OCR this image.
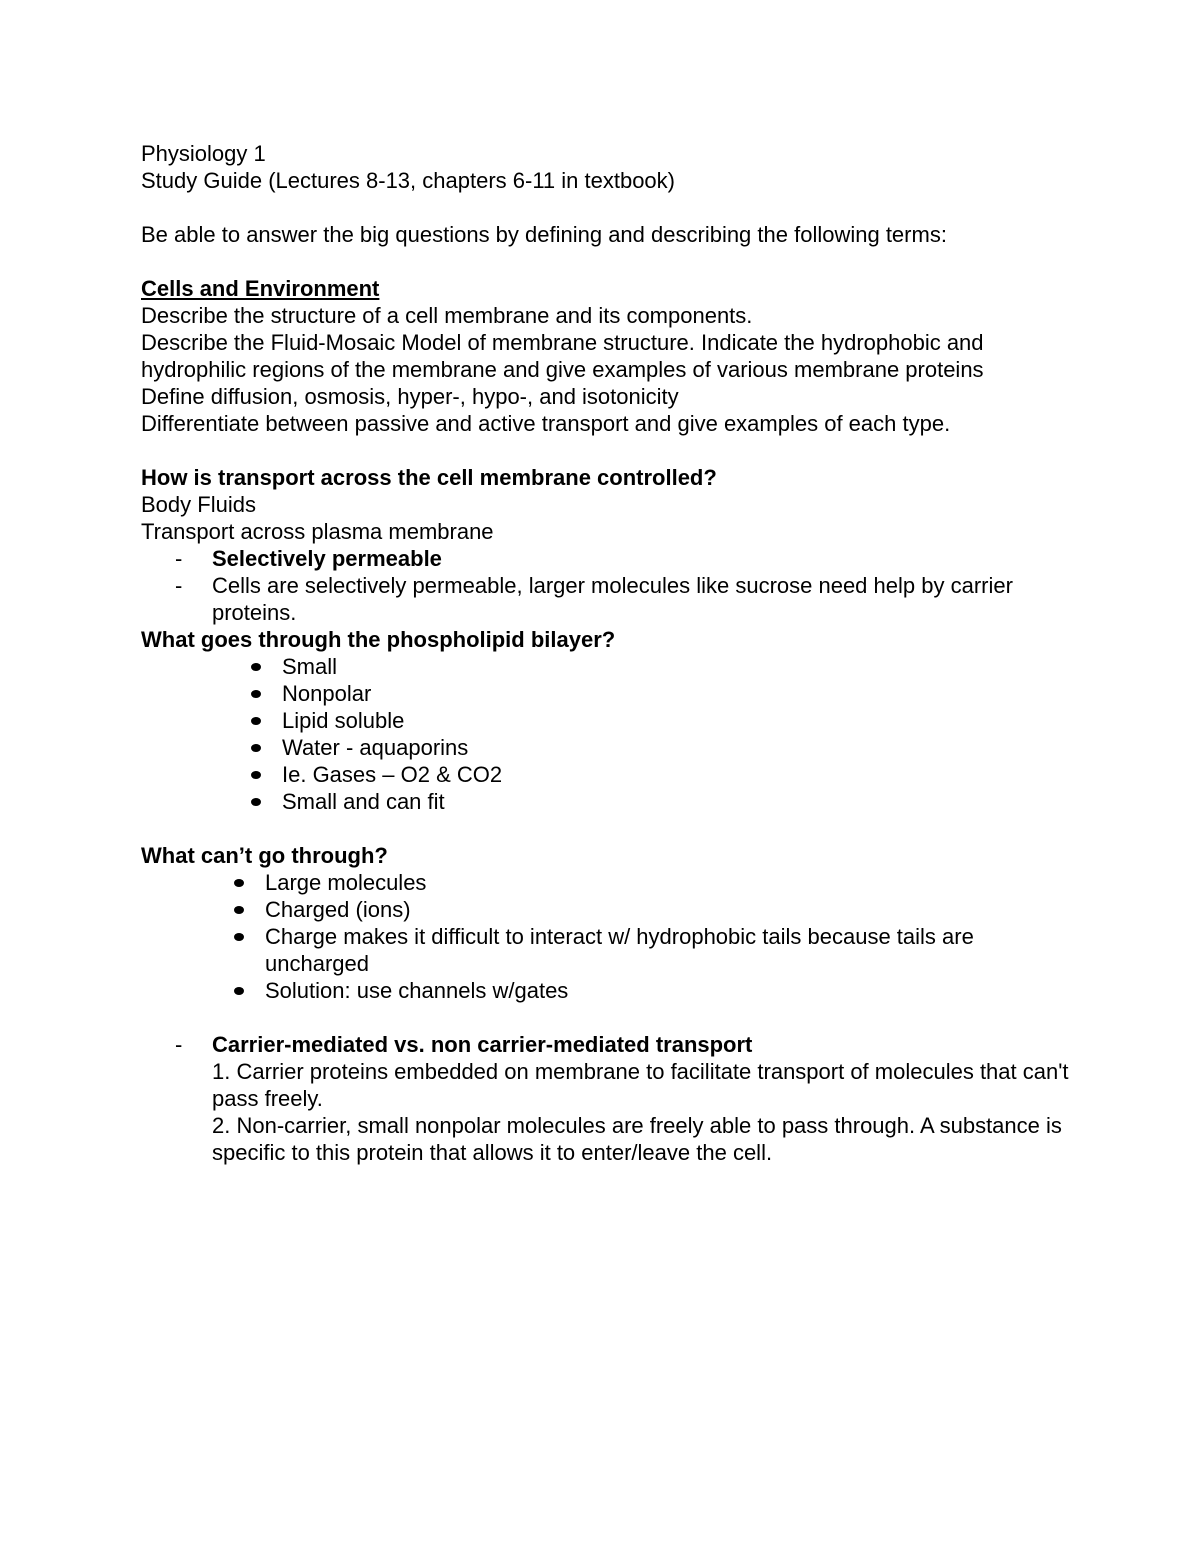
Physiology 1

Study Guide (Lectures 8-13, chapters 6-11 in textbook)

Be able to answer the big questions by defining and describing the following terms:

Cells and Environment

Describe the structure of a cell membrane and its components.

Describe the Fluid-Mosaic Model of membrane structure. Indicate the hydrophobic and hydrophilic regions of the membrane and give examples of various membrane proteins

Define diffusion, osmosis, hyper-, hypo-, and isotonicity

Differentiate between passive and active transport and give examples of each type.

How is transport across the cell membrane controlled?

Body Fluids

Transport across plasma membrane

- Selectively permeable
- Cells are selectively permeable, larger molecules like sucrose need help by carrier proteins.

What goes through the phospholipid bilayer?

Small
Nonpolar
Lipid soluble
Water - aquaporins
Ie. Gases – O2 & CO2
Small and can fit

What can’t go through?

Large molecules
Charged (ions)
Charge makes it difficult to interact w/ hydrophobic tails because tails are uncharged
Solution: use channels w/gates
- Carrier-mediated vs. non carrier-mediated transport

1. Carrier proteins embedded on membrane to facilitate transport of molecules that can't pass freely.

2. Non-carrier, small nonpolar molecules are freely able to pass through. A substance is specific to this protein that allows it to enter/leave the cell.
